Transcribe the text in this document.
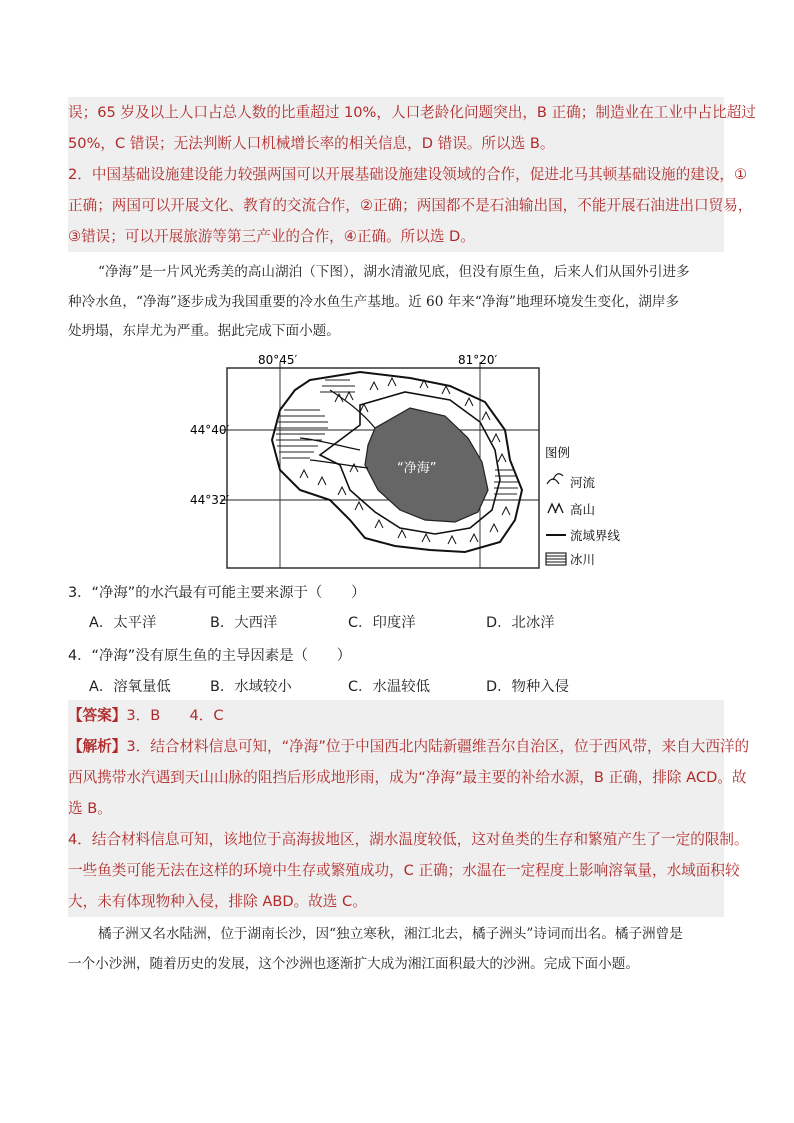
误；65 岁及以上人口占总人数的比重超过 10%，人口老龄化问题突出，B 正确；制造业在工业中占比超过
50%，C 错误；无法判断人口机械增长率的相关信息，D 错误。所以选 B。
2．中国基础设施建设能力较强两国可以开展基础设施建设领域的合作，促进北马其顿基础设施的建设，①
正确；两国可以开展文化、教育的交流合作，②正确；两国都不是石油输出国，不能开展石油进出口贸易，
③错误；可以开展旅游等第三产业的合作，④正确。所以选 D。
“净海”是一片风光秀美的高山湖泊（下图），湖水清澈见底，但没有原生鱼，后来人们从国外引进多
种冷水鱼，“净海”逐步成为我国重要的冷水鱼生产基地。近 60 年来“净海”地理环境发生变化，湖岸多
处坍塌，东岸尤为严重。据此完成下面小题。
80°45′	81°20′
44°40′
44°32′
“净海”
图例
河流
高山
流域界线
冰川
3．“净海”的水汽最有可能主要来源于（　　）
A．太平洋	B．大西洋	C．印度洋	D．北冰洋
4．“净海”没有原生鱼的主导因素是（　　）
A．溶氧量低	B．水域较小	C．水温较低	D．物种入侵
【答案】3．B　　4．C
【解析】3．结合材料信息可知，“净海”位于中国西北内陆新疆维吾尔自治区，位于西风带，来自大西洋的
西风携带水汽遇到天山山脉的阻挡后形成地形雨，成为“净海”最主要的补给水源，B 正确，排除 ACD。故
选 B。
4．结合材料信息可知，该地位于高海拔地区，湖水温度较低，这对鱼类的生存和繁殖产生了一定的限制。
一些鱼类可能无法在这样的环境中生存或繁殖成功，C 正确；水温在一定程度上影响溶氧量，水域面积较
大，未有体现物种入侵，排除 ABD。故选 C。
橘子洲又名水陆洲，位于湖南长沙，因“独立寒秋，湘江北去，橘子洲头”诗词而出名。橘子洲曾是
一个小沙洲，随着历史的发展，这个沙洲也逐渐扩大成为湘江面积最大的沙洲。完成下面小题。
